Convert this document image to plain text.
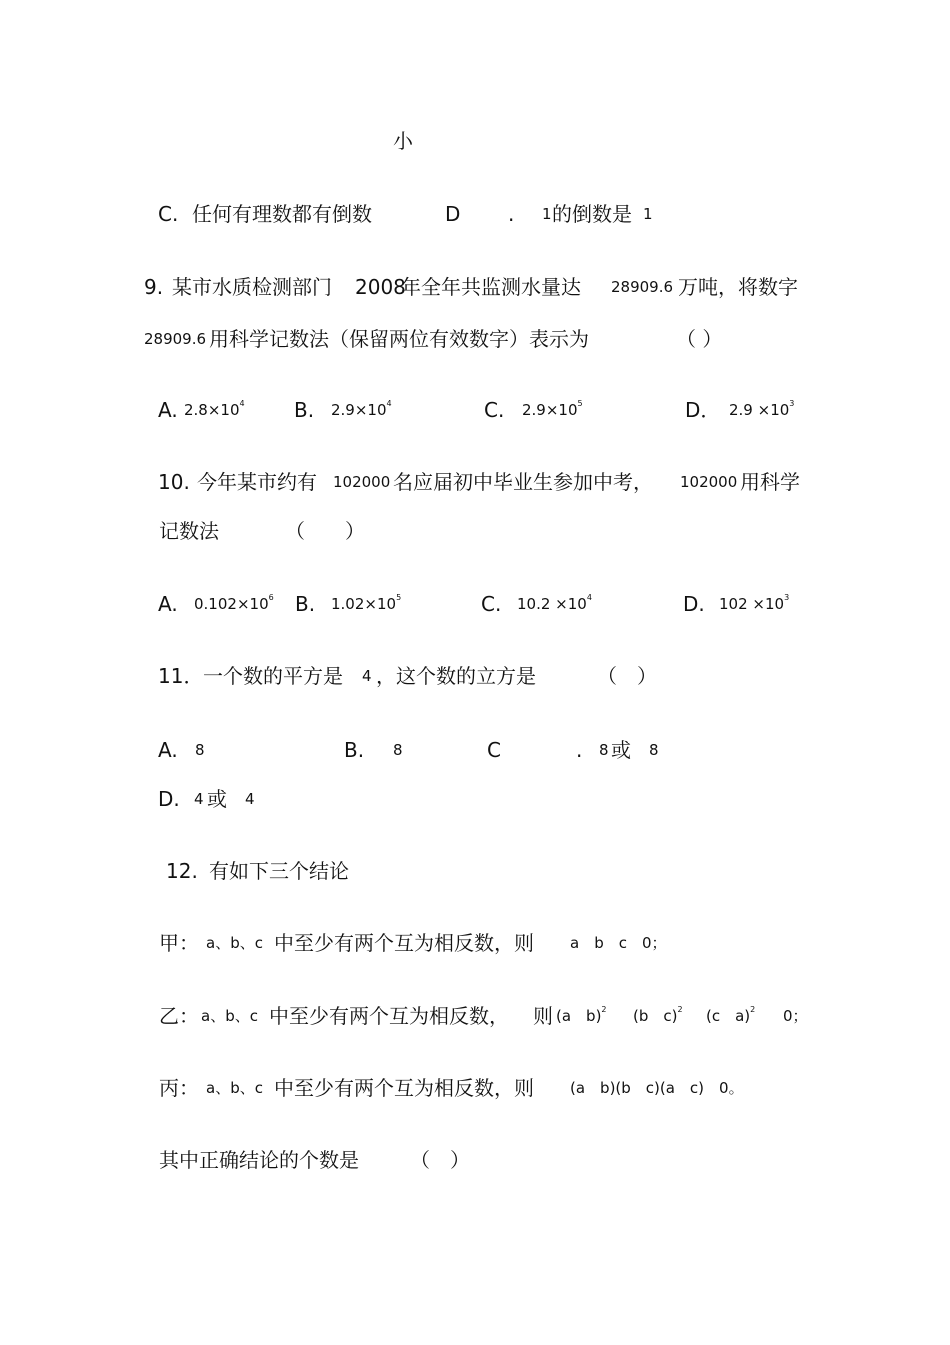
小
C. 任何有理数都有倒数	D . 1 的倒数是 1
9. 某市水质检测部门 2008
年全年共监测水量达 28909.6 万吨，将数字
28909.6 用科学记数法（保留两位有效数字）表示为	（ ）
A. $2.8\times 10^4$ B. $2.9\times 10^4$	C. $2.9\times 10^5$	D． $2.9 \times 10^3$
10. 今年某市约有 102000 名应届初中毕业生参加中考， 102000 用科学
记数法	（　　）
A. $0.102\times 10^6$ B. $1.02\times 10^5$	C. $10.2 \times 10^4$	D. $102 \times 10^3$
11． 一个数的平方是 4 ，这个数的立方是	（　）
A. 8	B. 8	C	. 8 或 8
D. 4 或 4
12. 有如下三个结论
甲： a、b、c 中至少有两个互为相反数，则 a　b　c　0；
乙： a、b、c 中至少有两个互为相反数， 则 (a　b)$^2$ (b　c)$^2$ (c　a)$^2$ 0；
丙： a、b、c 中至少有两个互为相反数，则 (a　b)(b　c)(a　c)　0。
其中正确结论的个数是	（　）
